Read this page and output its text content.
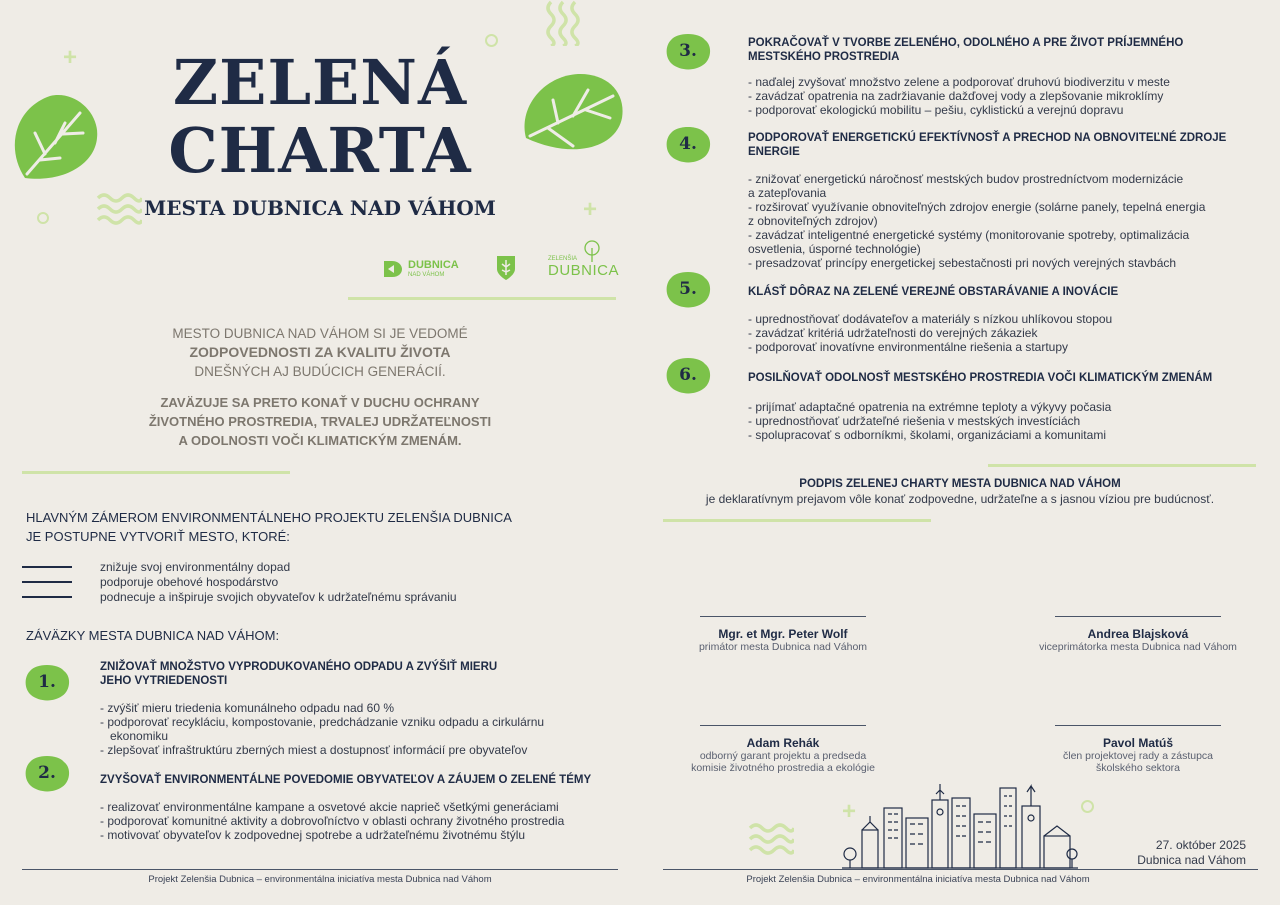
+
+
ZELENÁ
CHARTA
MESTA DUBNICA NAD VÁHOM
DUBNICA
NAD VÁHOM
ZELENŠIA
DUBNICA
MESTO DUBNICA NAD VÁHOM SI JE VEDOMÉ
ZODPOVEDNOSTI ZA KVALITU ŽIVOTA
DNEŠNÝCH AJ BUDÚCICH GENERÁCIÍ.
ZAVÄZUJE SA PRETO KONAŤ V DUCHU OCHRANY
ŽIVOTNÉHO PROSTREDIA, TRVALEJ UDRŽATEĽNOSTI
A ODOLNOSTI VOČI KLIMATICKÝM ZMENÁM.
HLAVNÝM ZÁMEROM ENVIRONMENTÁLNEHO PROJEKTU ZELENŠIA DUBNICA
JE POSTUPNE VYTVORIŤ MESTO, KTORÉ:
znižuje svoj environmentálny dopad
podporuje obehové hospodárstvo
podnecuje a inšpiruje svojich obyvateľov k udržateľnému správaniu
ZÁVÄZKY MESTA DUBNICA NAD VÁHOM:
1.
ZNIŽOVAŤ MNOŽSTVO VYPRODUKOVANÉHO ODPADU A ZVÝŠIŤ MIERU
JEHO VYTRIEDENOSTI
- zvýšiť mieru triedenia komunálneho odpadu nad 60 %
- podporovať recykláciu, kompostovanie, predchádzanie vzniku odpadu a cirkulárnu
ekonomiku
- zlepšovať infraštruktúru zberných miest a dostupnosť informácií pre obyvateľov
2.	ZVYŠOVAŤ ENVIRONMENTÁLNE POVEDOMIE OBYVATEĽOV A ZÁUJEM O ZELENÉ TÉMY
- realizovať environmentálne kampane a osvetové akcie naprieč všetkými generáciami
- podporovať komunitné aktivity a dobrovoľníctvo v oblasti ochrany životného prostredia
- motivovať obyvateľov k zodpovednej spotrebe a udržateľnému životnému štýlu
Projekt Zelenšia Dubnica – environmentálna iniciatíva mesta Dubnica nad Váhom
3.	POKRAČOVAŤ V TVORBE ZELENÉHO, ODOLNÉHO A PRE ŽIVOT PRÍJEMNÉHO
MESTSKÉHO PROSTREDIA
- naďalej zvyšovať množstvo zelene a podporovať druhovú biodiverzitu v meste
- zavádzať opatrenia na zadržiavanie dažďovej vody a zlepšovanie mikroklímy
- podporovať ekologickú mobilitu – pešiu, cyklistickú a verejnú dopravu
4.	PODPOROVAŤ ENERGETICKÚ EFEKTÍVNOSŤ A PRECHOD NA OBNOVITEĽNÉ ZDROJE
ENERGIE
- znižovať energetickú náročnosť mestských budov prostredníctvom modernizácie
a zatepľovania
- rozširovať využívanie obnoviteľných zdrojov energie (solárne panely, tepelná energia
z obnoviteľných zdrojov)
- zavádzať inteligentné energetické systémy (monitorovanie spotreby, optimalizácia
osvetlenia, úsporné technológie)
- presadzovať princípy energetickej sebestačnosti pri nových verejných stavbách
5.	KLÁSŤ DÔRAZ NA ZELENÉ VEREJNÉ OBSTARÁVANIE A INOVÁCIE
- uprednostňovať dodávateľov a materiály s nízkou uhlíkovou stopou
- zavádzať kritériá udržateľnosti do verejných zákaziek
- podporovať inovatívne environmentálne riešenia a startupy
6.	POSILŇOVAŤ ODOLNOSŤ MESTSKÉHO PROSTREDIA VOČI KLIMATICKÝM ZMENÁM
- prijímať adaptačné opatrenia na extrémne teploty a výkyvy počasia
- uprednostňovať udržateľné riešenia v mestských investíciách
- spolupracovať s odborníkmi, školami, organizáciami a komunitami
PODPIS ZELENEJ CHARTY MESTA DUBNICA NAD VÁHOM
je deklaratívnym prejavom vôle konať zodpovedne, udržateľne a s jasnou víziou pre budúcnosť.
Mgr. et Mgr. Peter Wolf
primátor mesta Dubnica nad Váhom
Andrea Blajsková
viceprimátorka mesta Dubnica nad Váhom
Adam Rehák
odborný garant projektu a predseda
komisie životného prostredia a ekológie
Pavol Matúš
člen projektovej rady a zástupca
školského sektora
+
27. október 2025
Dubnica nad Váhom
Projekt Zelenšia Dubnica – environmentálna iniciatíva mesta Dubnica nad Váhom
